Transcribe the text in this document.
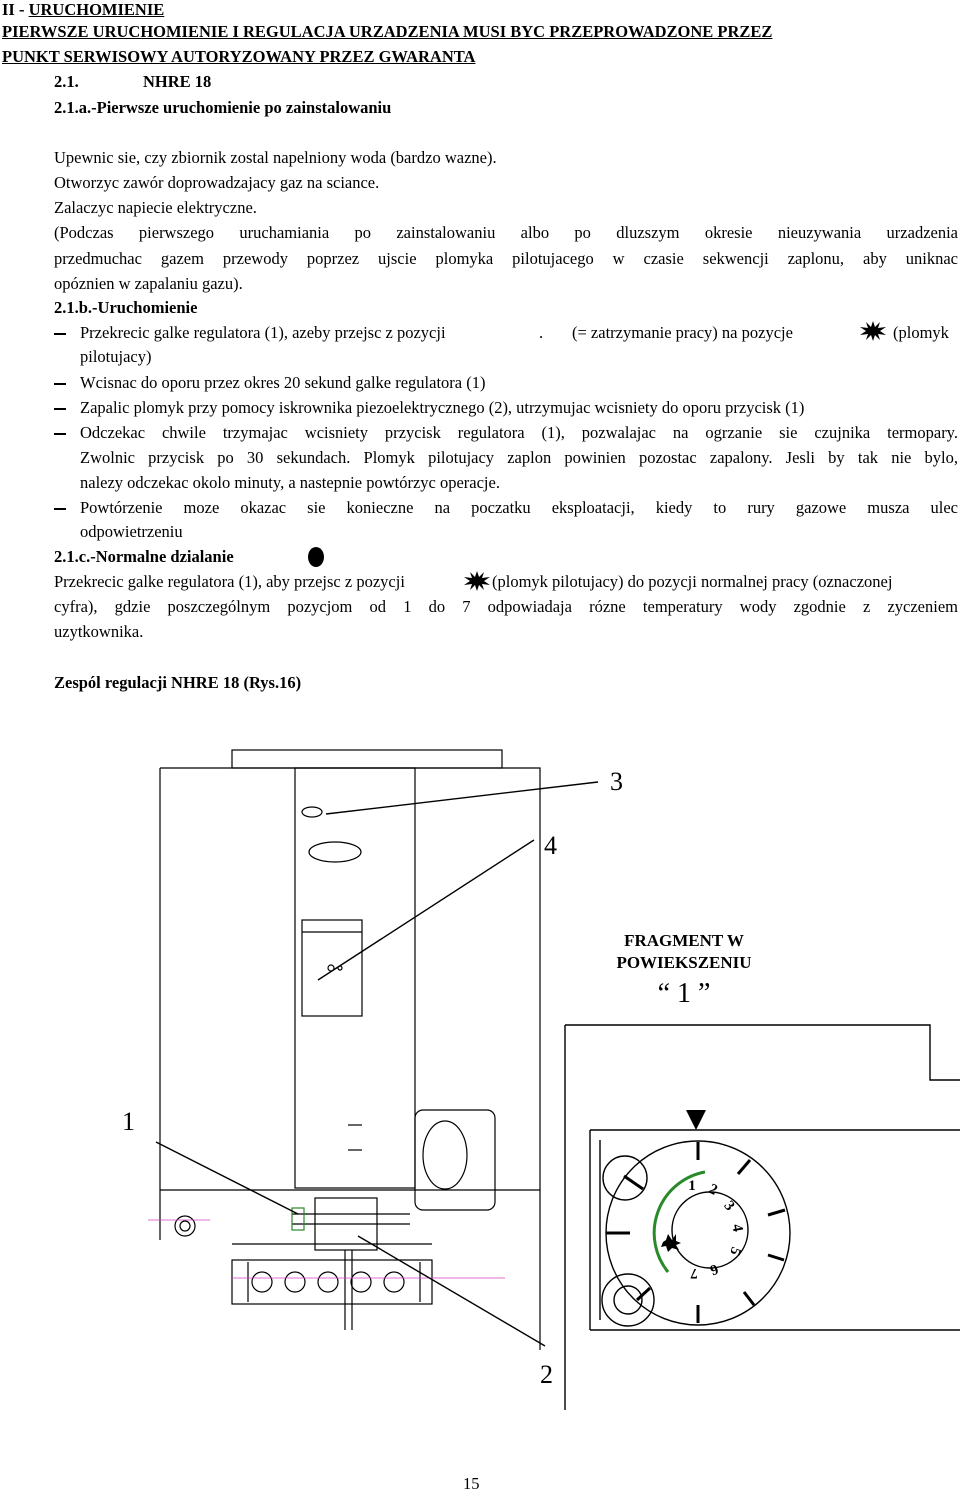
II - URUCHOMIENIE
PIERWSZE URUCHOMIENIE I REGULACJA URZADZENIA MUSI BYC PRZEPROWADZONE PRZEZ
PUNKT SERWISOWY AUTORYZOWANY PRZEZ GWARANTA
2.1.	NHRE 18
2.1.a.-Pierwsze uruchomienie po zainstalowaniu
Upewnic sie, czy zbiornik zostal napelniony woda (bardzo wazne).
Otworzyc zawór doprowadzajacy gaz na sciance.
Zalaczyc napiecie elektryczne.
(Podczas pierwszego uruchamiania po zainstalowaniu albo po dluzszym okresie nieuzywania urzadzenia
przedmuchac gazem przewody poprzez ujscie plomyka pilotujacego w czasie sekwencji zaplonu, aby uniknac
opóznien w zapalaniu gazu).
2.1.b.-Uruchomienie
Przekrecic galke regulatora (1), azeby przejsc z pozycji	. (= zatrzymanie pracy) na pozycje	(plomyk
pilotujacy)
Wcisnac do oporu przez okres 20 sekund galke regulatora (1)
Zapalic plomyk przy pomocy iskrownika piezoelektrycznego (2), utrzymujac wcisniety do oporu przycisk (1)
Odczekac chwile trzymajac wcisniety przycisk regulatora (1), pozwalajac na ogrzanie sie czujnika termopary.
Zwolnic przycisk po 30 sekundach. Plomyk pilotujacy zaplon powinien pozostac zapalony. Jesli by tak nie bylo,
nalezy odczekac okolo minuty, a nastepnie powtórzyc operacje.
Powtórzenie moze okazac sie konieczne na poczatku eksploatacji, kiedy to rury gazowe musza ulec
odpowietrzeniu
2.1.c.-Normalne dzialanie
Przekrecic galke regulatora (1), aby przejsc z pozycji	(plomyk pilotujacy) do pozycji normalnej pracy (oznaczonej
cyfra), gdzie poszczególnym pozycjom od 1 do 7 odpowiadaja rózne temperatury wody zgodnie z zyczeniem
uzytkownika.
Zespól regulacji NHRE 18 (Rys.16)
3
4
1
2
FRAGMENT W
POWIEKSZENIU
“ 1 ”
1 2
3
4
5
6
7
15
